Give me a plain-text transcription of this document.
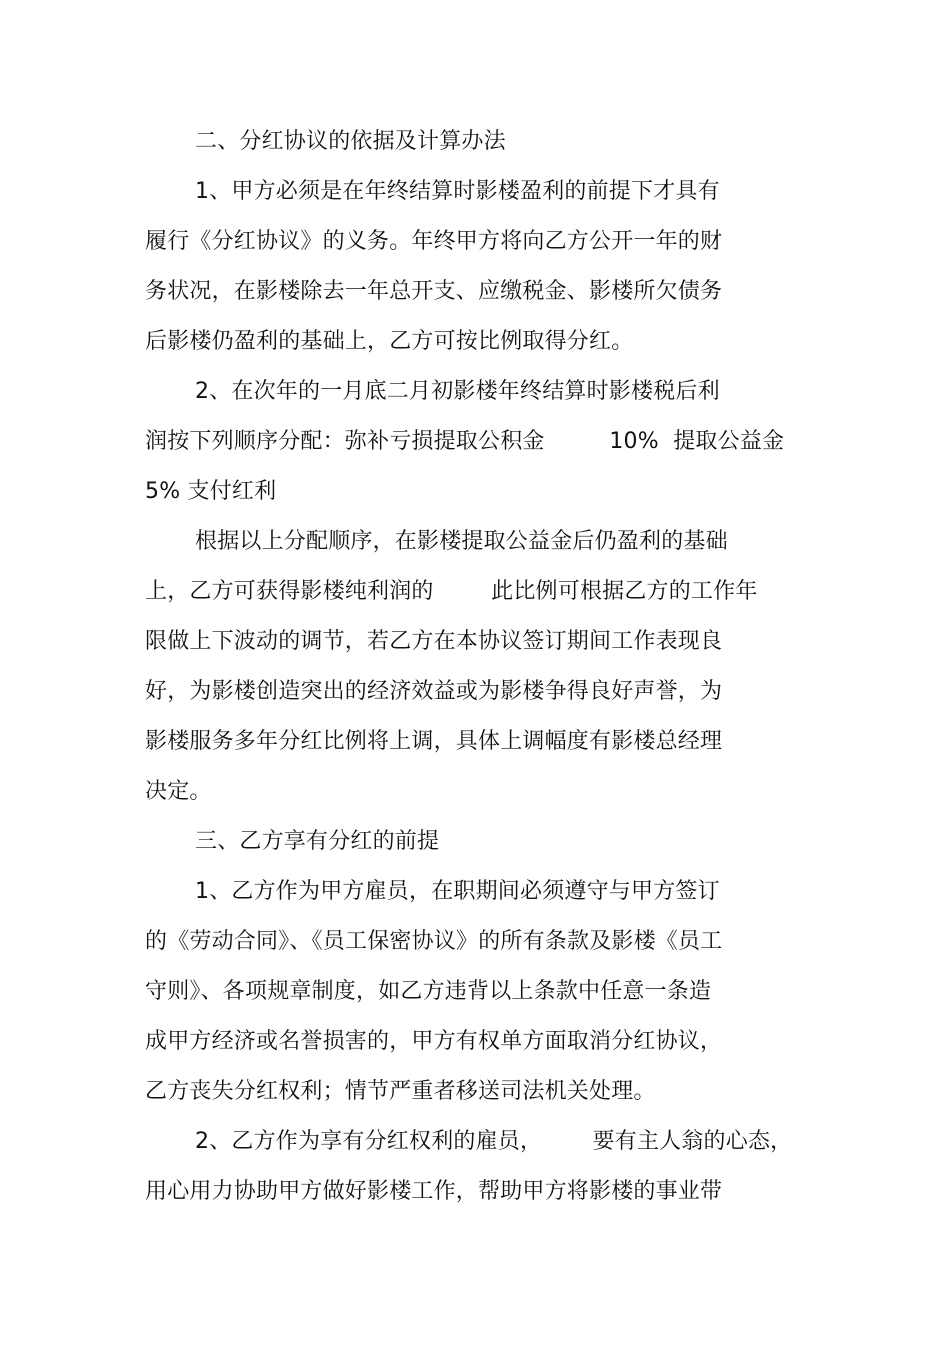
二、分红协议的依据及计算办法
1、甲方必须是在年终结算时影楼盈利的前提下才具有
履行《分红协议》的义务。年终甲方将向乙方公开一年的财
务状况，在影楼除去一年总开支、应缴税金、影楼所欠债务
后影楼仍盈利的基础上，乙方可按比例取得分红。
2、在次年的一月底二月初影楼年终结算时影楼税后利
润按下列顺序分配：弥补亏损提取公积金         10%  提取公益金
5% 支付红利
根据以上分配顺序，在影楼提取公益金后仍盈利的基础
上，乙方可获得影楼纯利润的        此比例可根据乙方的工作年
限做上下波动的调节，若乙方在本协议签订期间工作表现良
好，为影楼创造突出的经济效益或为影楼争得良好声誉，为
影楼服务多年分红比例将上调，具体上调幅度有影楼总经理
决定。
三、乙方享有分红的前提
1、乙方作为甲方雇员，在职期间必须遵守与甲方签订
的《劳动合同》、《员工保密协议》的所有条款及影楼《员工
守则》、各项规章制度，如乙方违背以上条款中任意一条造
成甲方经济或名誉损害的，甲方有权单方面取消分红协议，
乙方丧失分红权利；情节严重者移送司法机关处理。
2、乙方作为享有分红权利的雇员，       要有主人翁的心态，
用心用力协助甲方做好影楼工作，帮助甲方将影楼的事业带
